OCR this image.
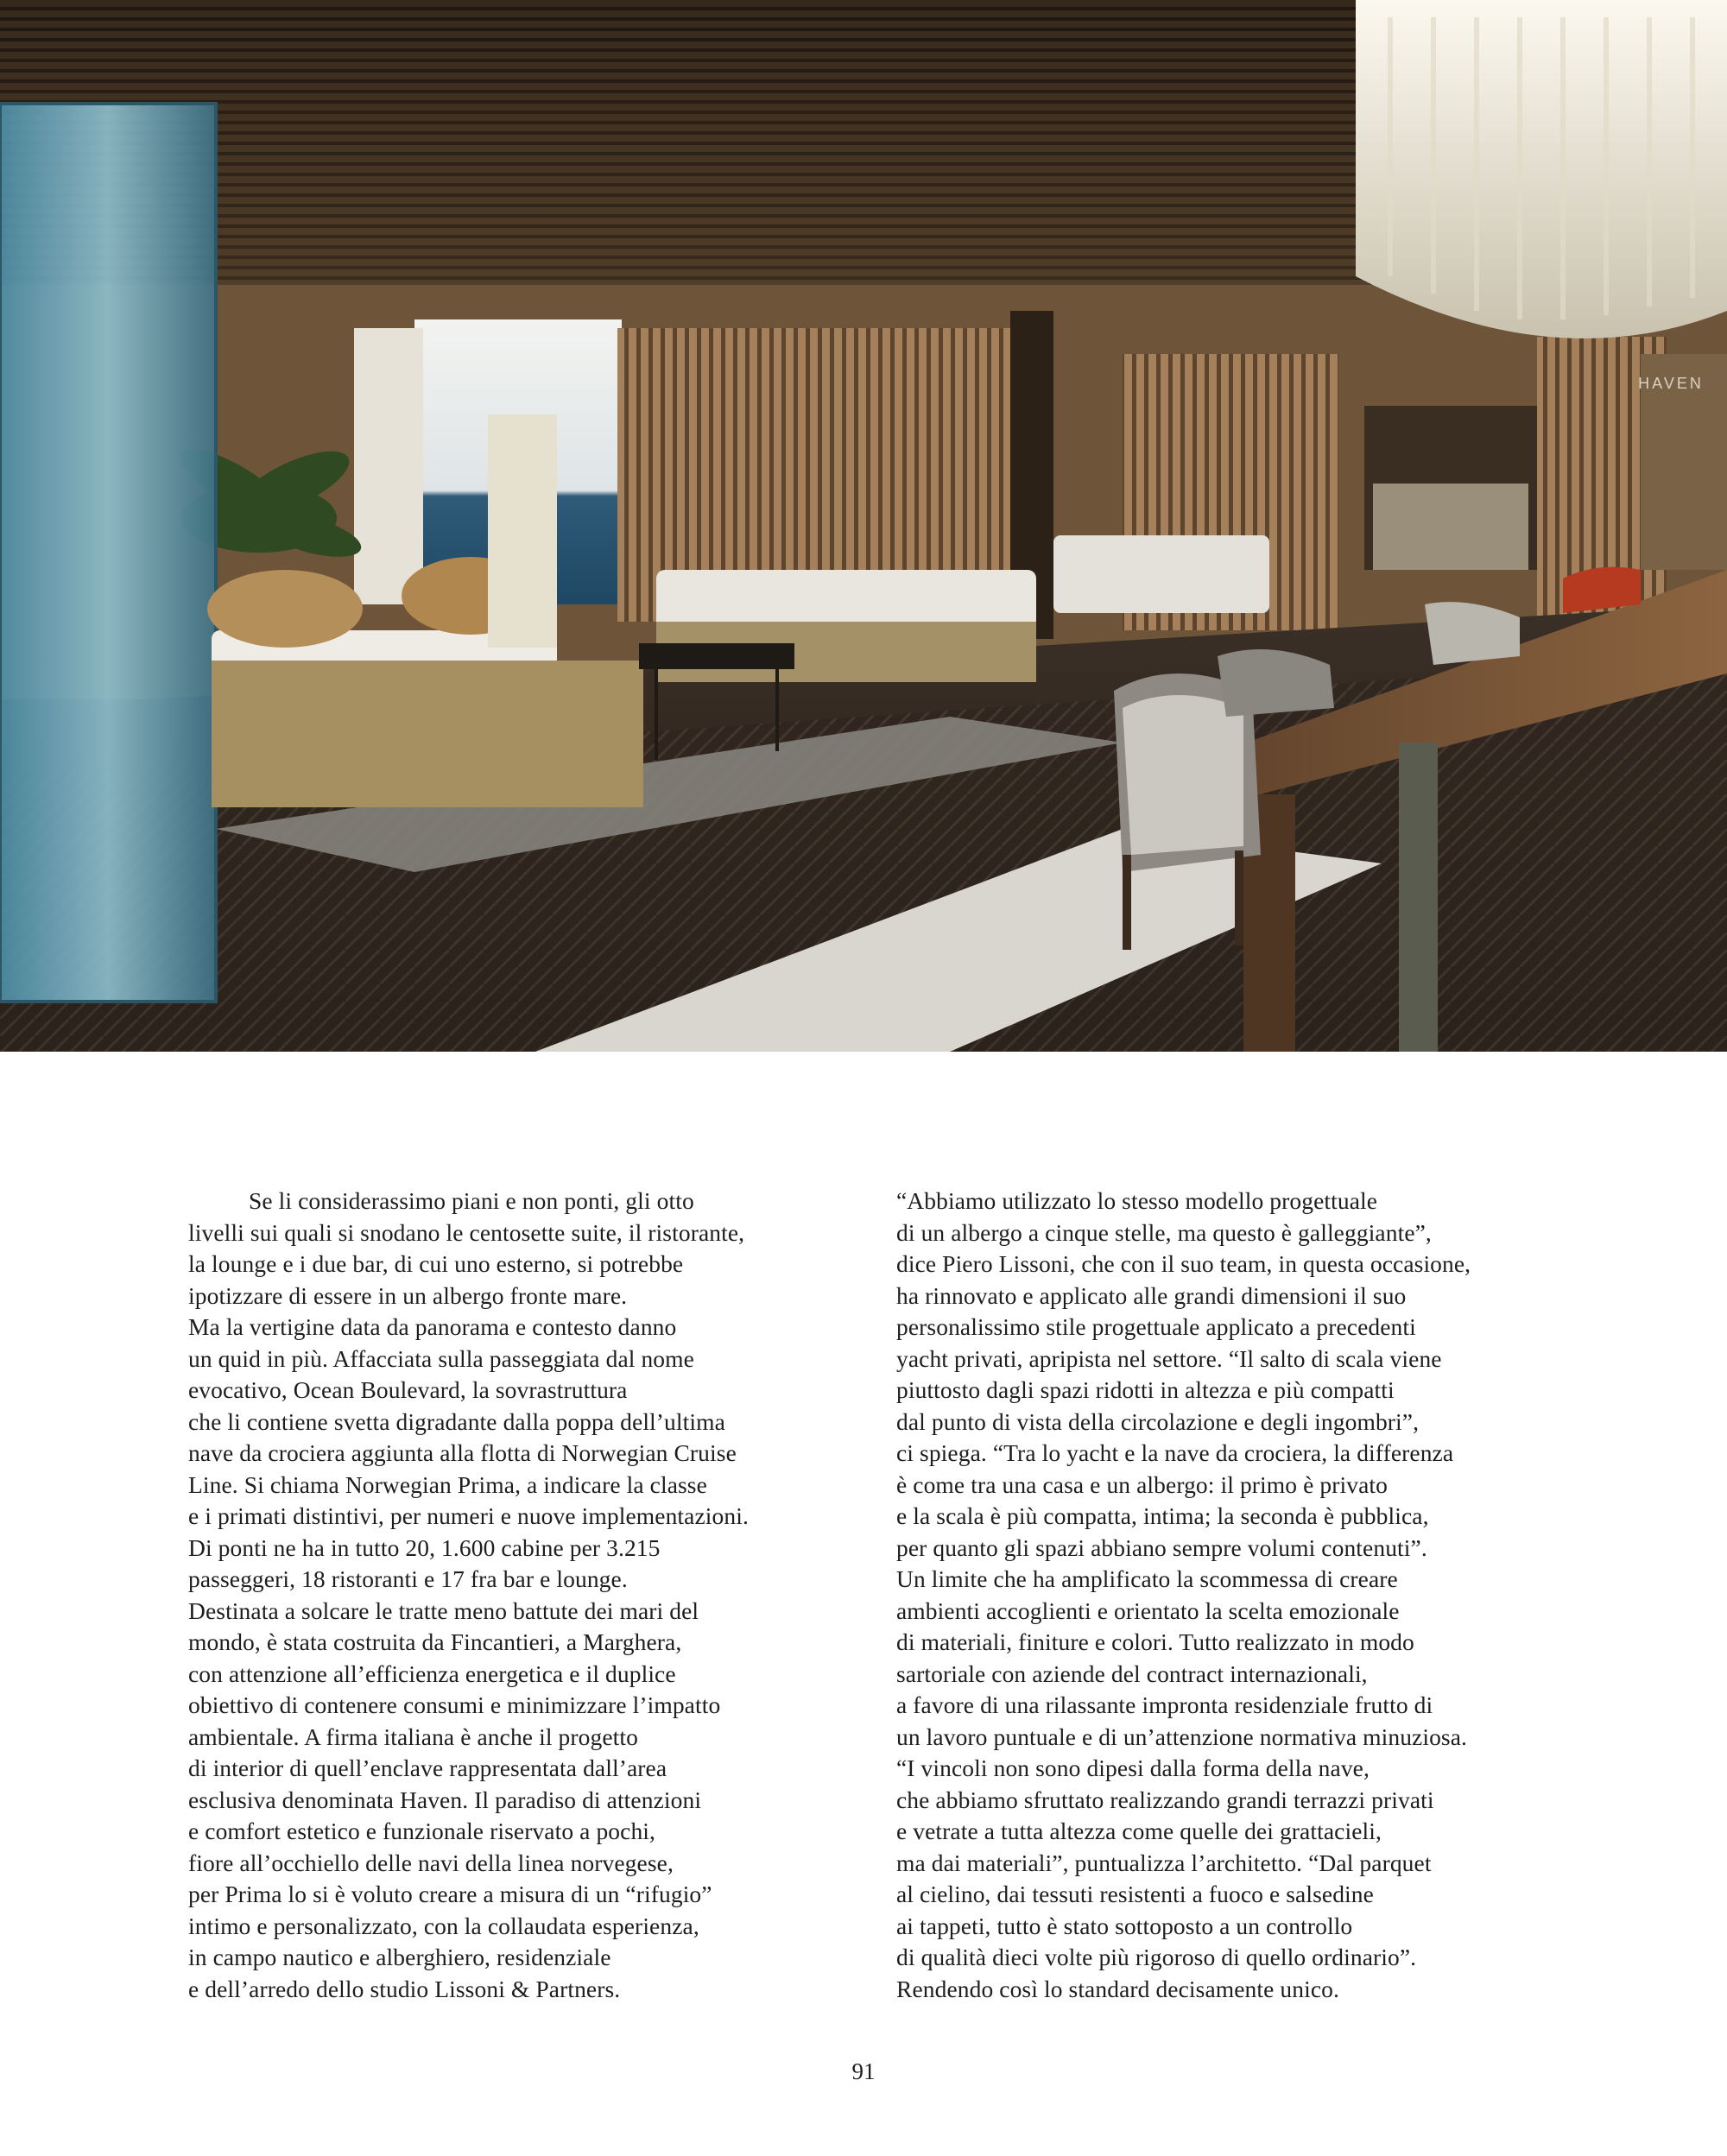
HAVEN
Se li considerassimo piani e non ponti, gli otto
livelli sui quali si snodano le centosette suite, il ristorante,
la lounge e i due bar, di cui uno esterno, si potrebbe
ipotizzare di essere in un albergo fronte mare.
Ma la vertigine data da panorama e contesto danno
un quid in più. Affacciata sulla passeggiata dal nome
evocativo, Ocean Boulevard, la sovrastruttura
che li contiene svetta digradante dalla poppa dell’ultima
nave da crociera aggiunta alla flotta di Norwegian Cruise
Line. Si chiama Norwegian Prima, a indicare la classe
e i primati distintivi, per numeri e nuove implementazioni.
Di ponti ne ha in tutto 20, 1.600 cabine per 3.215
passeggeri, 18 ristoranti e 17 fra bar e lounge.
Destinata a solcare le tratte meno battute dei mari del
mondo, è stata costruita da Fincantieri, a Marghera,
con attenzione all’efficienza energetica e il duplice
obiettivo di contenere consumi e minimizzare l’impatto
ambientale. A firma italiana è anche il progetto
di interior di quell’enclave rappresentata dall’area
esclusiva denominata Haven. Il paradiso di attenzioni
e comfort estetico e funzionale riservato a pochi,
fiore all’occhiello delle navi della linea norvegese,
per Prima lo si è voluto creare a misura di un “rifugio”
intimo e personalizzato, con la collaudata esperienza,
in campo nautico e alberghiero, residenziale
e dell’arredo dello studio Lissoni & Partners.
“Abbiamo utilizzato lo stesso modello progettuale
di un albergo a cinque stelle, ma questo è galleggiante”,
dice Piero Lissoni, che con il suo team, in questa occasione,
ha rinnovato e applicato alle grandi dimensioni il suo
personalissimo stile progettuale applicato a precedenti
yacht privati, apripista nel settore. “Il salto di scala viene
piuttosto dagli spazi ridotti in altezza e più compatti
dal punto di vista della circolazione e degli ingombri”,
ci spiega. “Tra lo yacht e la nave da crociera, la differenza
è come tra una casa e un albergo: il primo è privato
e la scala è più compatta, intima; la seconda è pubblica,
per quanto gli spazi abbiano sempre volumi contenuti”.
Un limite che ha amplificato la scommessa di creare
ambienti accoglienti e orientato la scelta emozionale
di materiali, finiture e colori. Tutto realizzato in modo
sartoriale con aziende del contract internazionali,
a favore di una rilassante impronta residenziale frutto di
un lavoro puntuale e di un’attenzione normativa minuziosa.
“I vincoli non sono dipesi dalla forma della nave,
che abbiamo sfruttato realizzando grandi terrazzi privati
e vetrate a tutta altezza come quelle dei grattacieli,
ma dai materiali”, puntualizza l’architetto. “Dal parquet
al cielino, dai tessuti resistenti a fuoco e salsedine
ai tappeti, tutto è stato sottoposto a un controllo
di qualità dieci volte più rigoroso di quello ordinario”.
Rendendo così lo standard decisamente unico.
91
